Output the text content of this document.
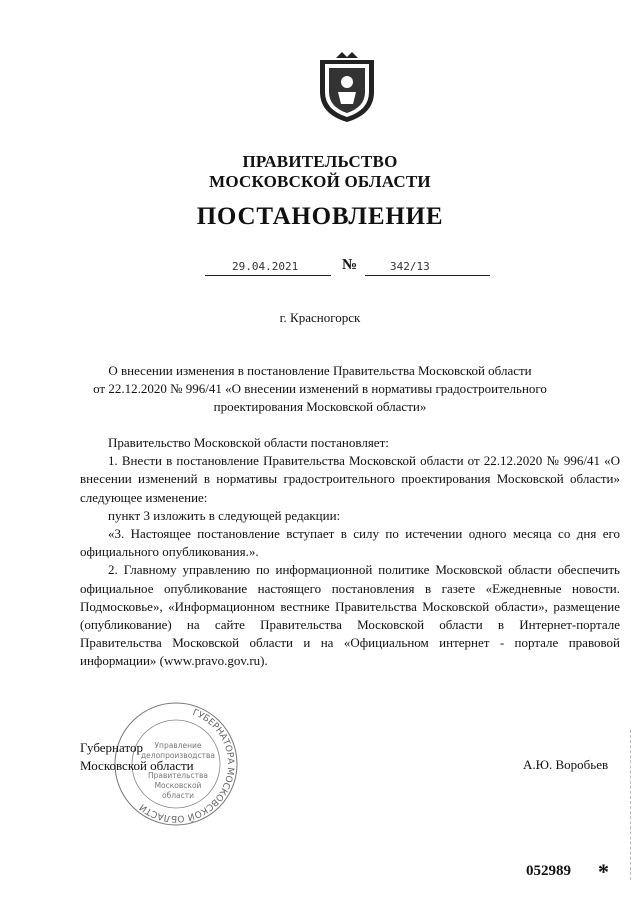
ПРАВИТЕЛЬСТВО
МОСКОВСКОЙ ОБЛАСТИ
ПОСТАНОВЛЕНИЕ
29.04.2021	№	342/13
г. Красногорск
О внесении изменения в постановление Правительства Московской области
от 22.12.2020 № 996/41 «О внесении изменений в нормативы градостроительного
проектирования Московской области»

Правительство Московской области постановляет:

1. Внести в постановление Правительства Московской области от 22.12.2020 № 996/41 «О внесении изменений в нормативы градостроительного проектирования Московской области» следующее изменение:

пункт 3 изложить в следующей редакции:

«3. Настоящее постановление вступает в силу по истечении одного месяца со дня его официального опубликования.».

2. Главному управлению по информационной политике Московской области обеспечить официальное опубликование настоящего постановления в газете «Ежедневные новости. Подмосковье», «Информационном вестнике Правительства Московской области», размещение (опубликование) на сайте Правительства Московской области в Интернет-портале Правительства Московской области и на «Официальном интернет - портале правовой информации» (www.pravo.gov.ru).

ГУБЕРНАТОРА МОСКОВСКОЙ ОБЛАСТИ
Управление
делопроизводства
Правительства
Московской
области
Губернатор
Московской области	А.Ю. Воробьев
052989 *
